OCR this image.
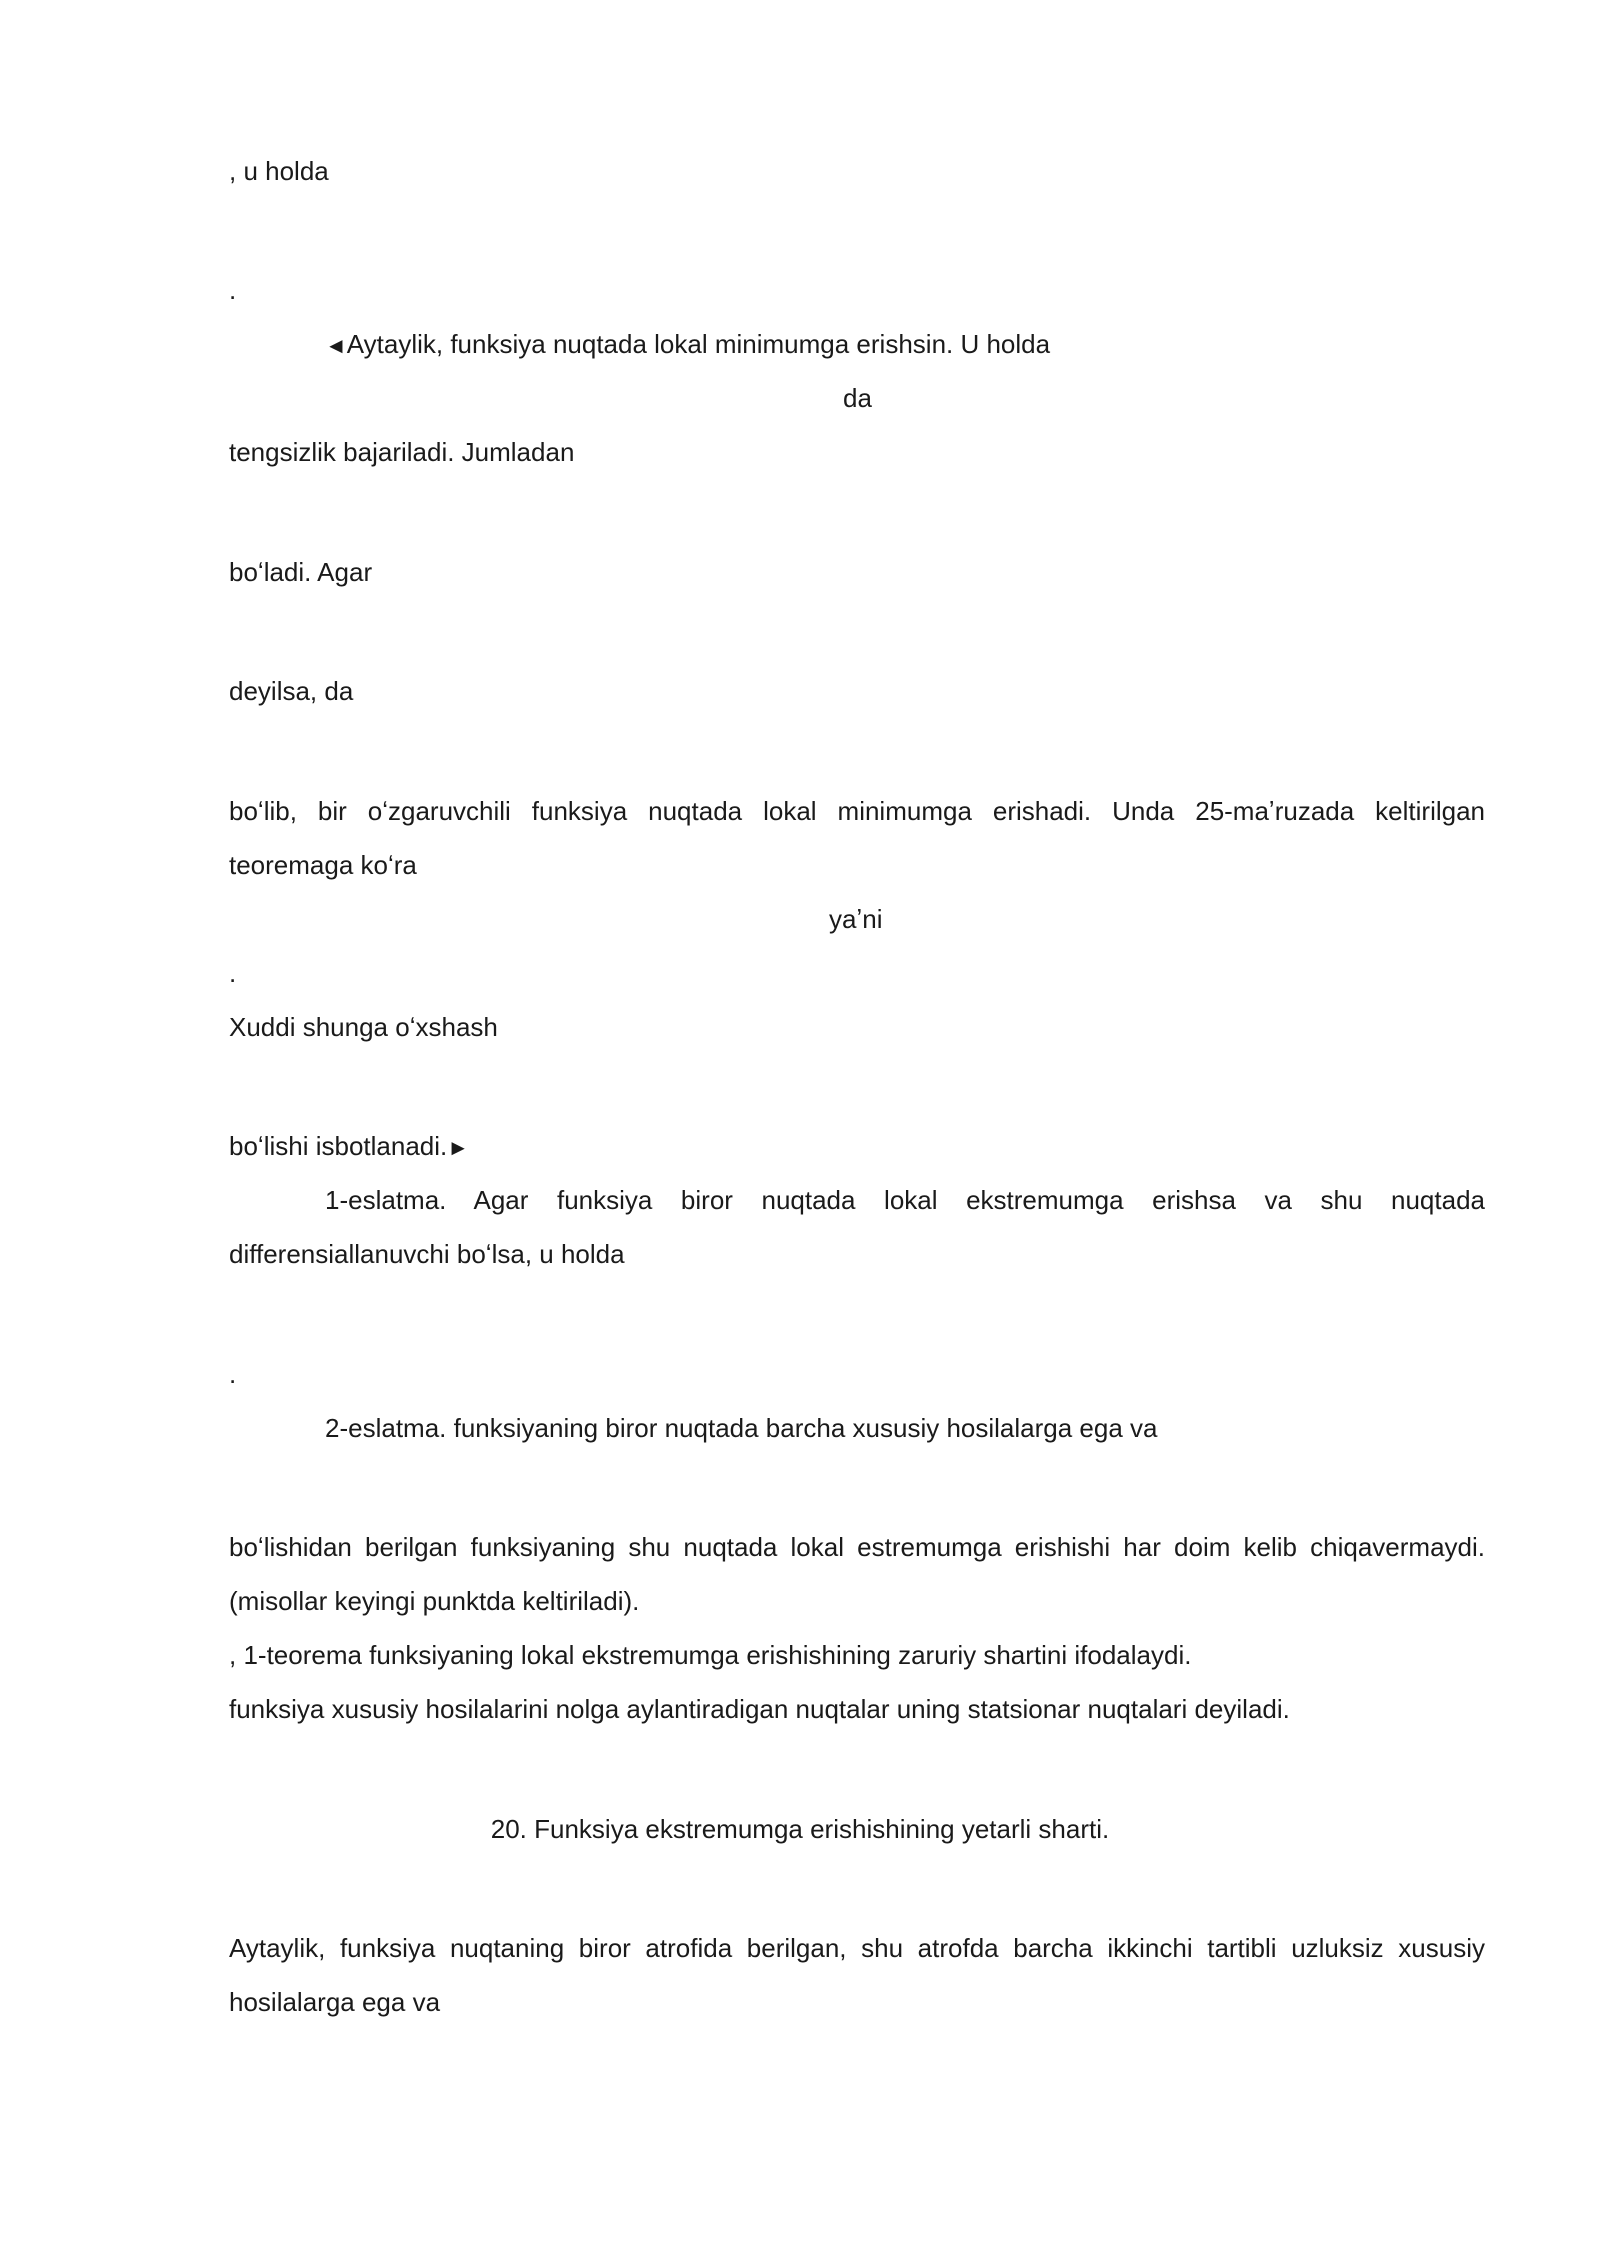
, u holda

.

◄Aytaylik, funksiya nuqtada lokal minimumga erishsin. U holda

da

tengsizlik bajariladi. Jumladan

boʻladi. Agar

deyilsa, da

boʻlib, bir oʻzgaruvchili funksiya nuqtada lokal minimumga erishadi. Unda 25-maʼruzada keltirilgan

teoremaga koʻra

yaʼni

.

Xuddi shunga oʻxshash

boʻlishi isbotlanadi.►

1-eslatma. Agar funksiya biror nuqtada lokal ekstremumga erishsa va shu nuqtada

differensiallanuvchi boʻlsa, u holda

.

2-eslatma. funksiyaning biror nuqtada barcha xususiy hosilalarga ega va

boʻlishidan berilgan funksiyaning shu nuqtada lokal estremumga erishishi har doim kelib chiqavermaydi.

(misollar keyingi punktda keltiriladi).

, 1-teorema funksiyaning lokal ekstremumga erishishining zaruriy shartini ifodalaydi.

funksiya xususiy hosilalarini nolga aylantiradigan nuqtalar uning statsionar nuqtalari deyiladi.

20. Funksiya ekstremumga erishishining yetarli sharti.

Aytaylik, funksiya nuqtaning biror atrofida berilgan, shu atrofda barcha ikkinchi tartibli uzluksiz xususiy

hosilalarga ega va
